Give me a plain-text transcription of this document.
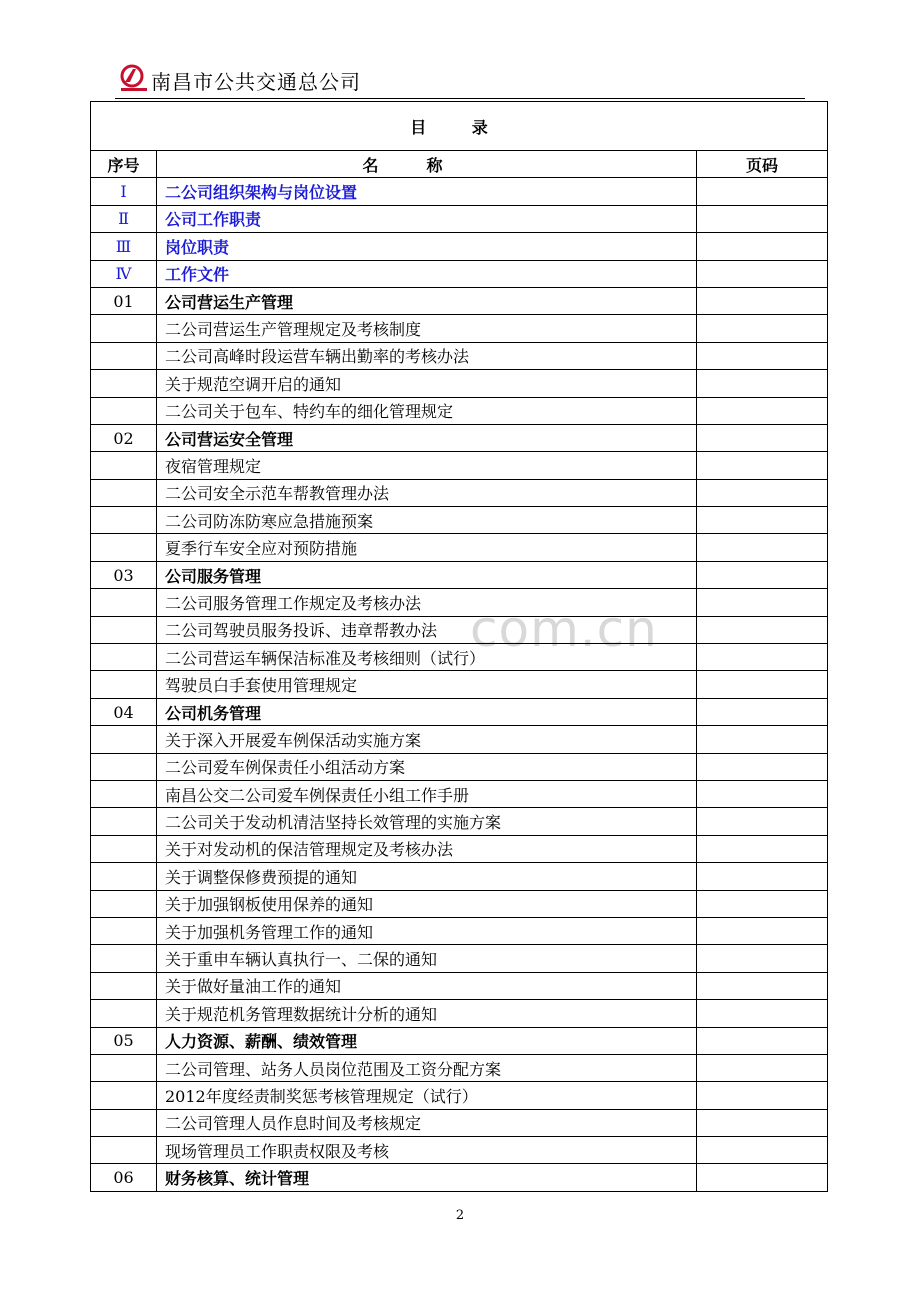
南昌市公共交通总公司
com.cn
目 录		
序号	名称	页码
Ⅰ	二公司组织架构与岗位设置	
Ⅱ	公司工作职责	
Ⅲ	岗位职责	
Ⅳ	工作文件	
01	公司营运生产管理	
	二公司营运生产管理规定及考核制度	
	二公司高峰时段运营车辆出勤率的考核办法	
	关于规范空调开启的通知	
	二公司关于包车、特约车的细化管理规定	
02	公司营运安全管理	
	夜宿管理规定	
	二公司安全示范车帮教管理办法	
	二公司防冻防寒应急措施预案	
	夏季行车安全应对预防措施	
03	公司服务管理	
	二公司服务管理工作规定及考核办法	
	二公司驾驶员服务投诉、违章帮教办法	
	二公司营运车辆保洁标准及考核细则（试行）	
	驾驶员白手套使用管理规定	
04	公司机务管理	
	关于深入开展爱车例保活动实施方案	
	二公司爱车例保责任小组活动方案	
	南昌公交二公司爱车例保责任小组工作手册	
	二公司关于发动机清洁坚持长效管理的实施方案	
	关于对发动机的保洁管理规定及考核办法	
	关于调整保修费预提的通知	
	关于加强钢板使用保养的通知	
	关于加强机务管理工作的通知	
	关于重申车辆认真执行一、二保的通知	
	关于做好量油工作的通知	
	关于规范机务管理数据统计分析的通知	
05	人力资源、薪酬、绩效管理	
	二公司管理、站务人员岗位范围及工资分配方案	
	2012年度经责制奖惩考核管理规定（试行）	
	二公司管理人员作息时间及考核规定	
	现场管理员工作职责权限及考核	
06	财务核算、统计管理	
2
